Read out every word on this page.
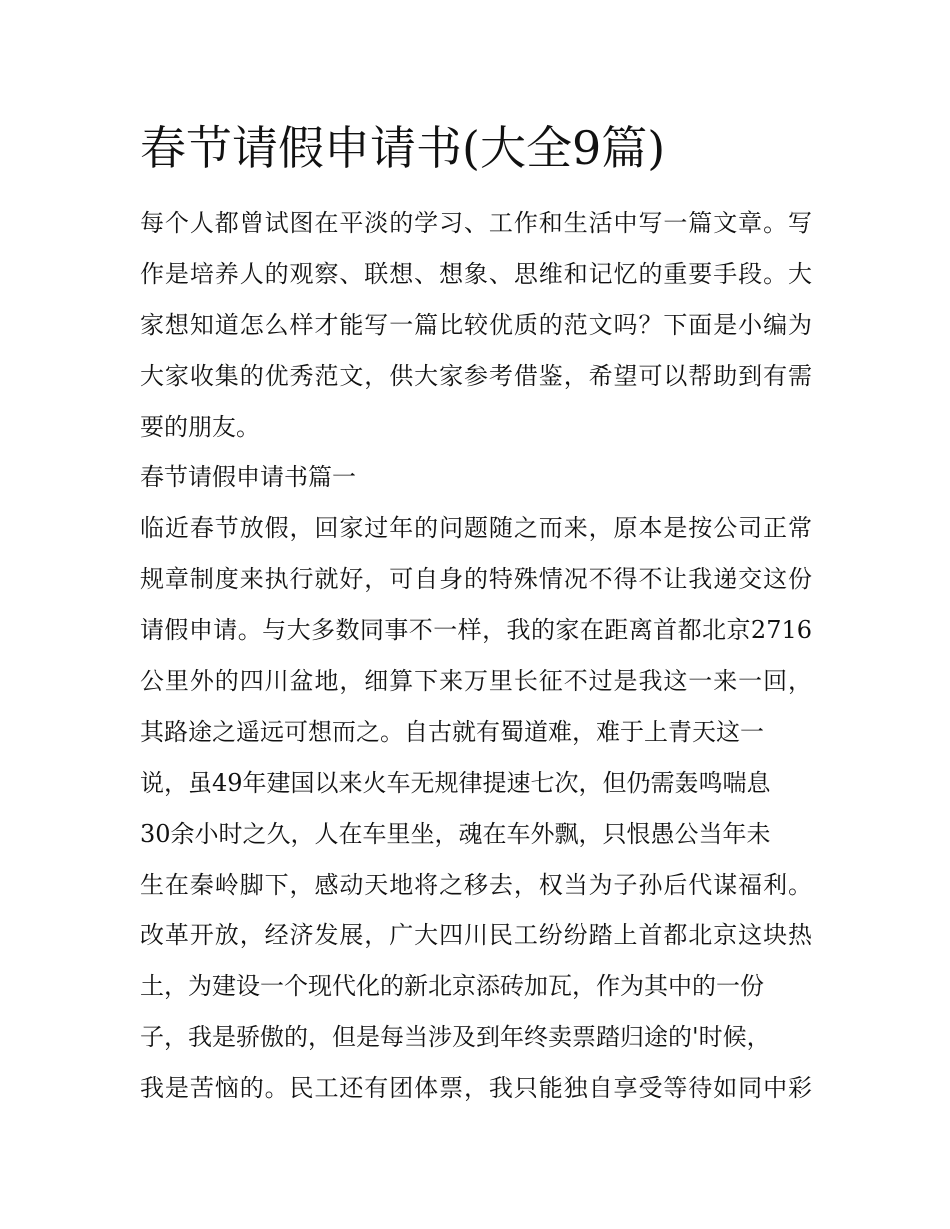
春节请假申请书(大全9篇)
每个人都曾试图在平淡的学习、工作和生活中写一篇文章。写
作是培养人的观察、联想、想象、思维和记忆的重要手段。大
家想知道怎么样才能写一篇比较优质的范文吗？下面是小编为
大家收集的优秀范文，供大家参考借鉴，希望可以帮助到有需
要的朋友。
春节请假申请书篇一
临近春节放假，回家过年的问题随之而来，原本是按公司正常
规章制度来执行就好，可自身的特殊情况不得不让我递交这份
请假申请。与大多数同事不一样，我的家在距离首都北京2716
公里外的四川盆地，细算下来万里长征不过是我这一来一回，
其路途之遥远可想而之。自古就有蜀道难，难于上青天这一
说，虽49年建国以来火车无规律提速七次，但仍需轰鸣喘息
30余小时之久，人在车里坐，魂在车外飘，只恨愚公当年未
生在秦岭脚下，感动天地将之移去，权当为子孙后代谋福利。
改革开放，经济发展，广大四川民工纷纷踏上首都北京这块热
土，为建设一个现代化的新北京添砖加瓦，作为其中的一份
子，我是骄傲的，但是每当涉及到年终卖票踏归途的'时候，
我是苦恼的。民工还有团体票，我只能独自享受等待如同中彩
